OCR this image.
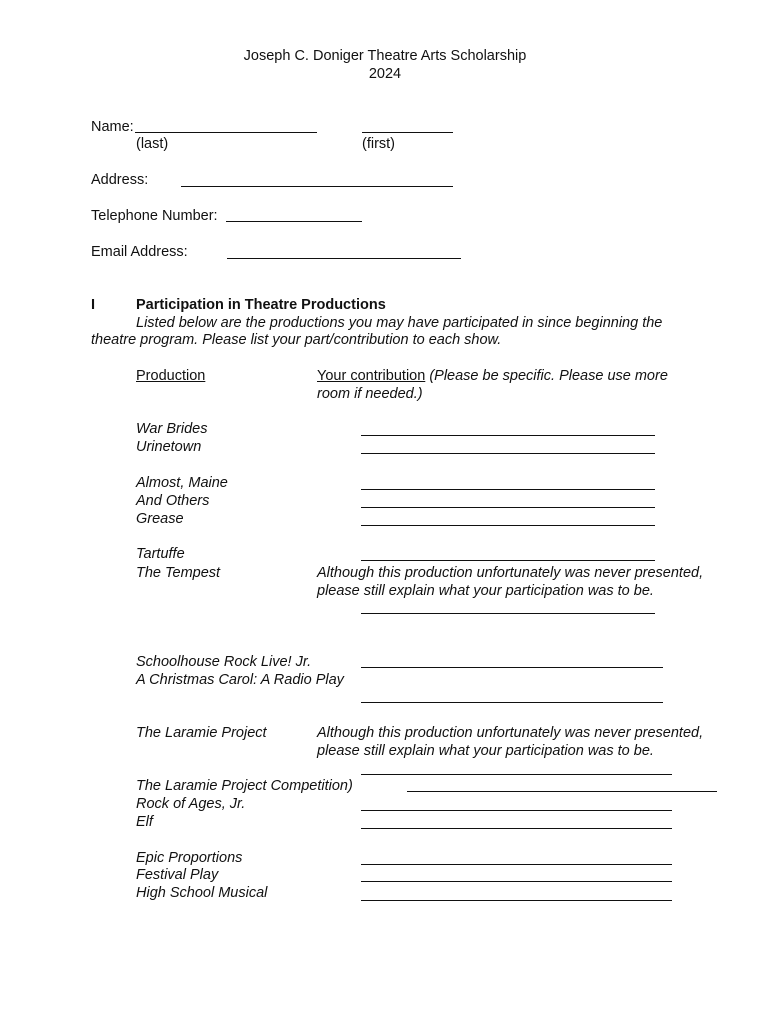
Joseph C. Doniger Theatre Arts Scholarship
2024
Name:
(last)	(first)
Address:
Telephone Number:
Email Address:
I	Participation in Theatre Productions
Listed below are the productions you may have participated in since beginning the
theatre program. Please list your part/contribution to each show.
Production	Your contribution (Please be specific. Please use more
room if needed.)
War Brides
Urinetown
Almost, Maine
And Others
Grease
Tartuffe
The Tempest	Although this production unfortunately was never presented,
please still explain what your participation was to be.
Schoolhouse Rock Live! Jr.
A Christmas Carol: A Radio Play
The Laramie Project	Although this production unfortunately was never presented,
please still explain what your participation was to be.
The Laramie Project Competition)
Rock of Ages, Jr.
Elf
Epic Proportions
Festival Play
High School Musical
